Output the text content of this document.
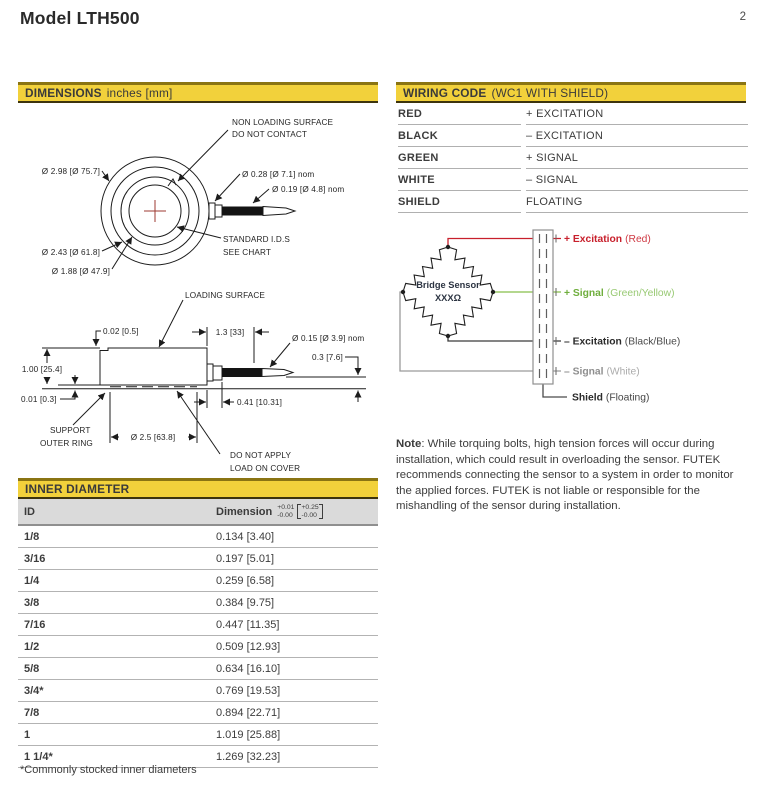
Model LTH500	2
DIMENSIONS inches [mm]
NON LOADING SURFACE
DO NOT CONTACT
Ø 2.98 [Ø 75.7]
Ø 2.43 [Ø 61.8]
Ø 1.88 [Ø 47.9]
Ø 0.28 [Ø 7.1] nom
Ø 0.19 [Ø 4.8] nom
STANDARD I.D.S
SEE CHART
LOADING SURFACE
0.02 [0.5]	1.3 [33]
Ø 0.15 [Ø 3.9] nom
0.3 [7.6]
1.00 [25.4]
0.01 [0.3]
SUPPORT
OUTER RING
Ø 2.5 [63.8]
0.41 [10.31]
DO NOT APPLY
LOAD ON COVER
WIRING CODE (WC1 WITH SHIELD)
RED	+ EXCITATION
BLACK	– EXCITATION
GREEN	+ SIGNAL
WHITE	– SIGNAL
SHIELD	FLOATING
Bridge Sensor
XXXΩ
+ Excitation (Red)
+ Signal (Green/Yellow)
– Excitation (Black/Blue)
– Signal (White)
Shield (Floating)
Note: While torquing bolts, high tension forces will occur during installation, which could result in overloading the sensor. FUTEK recommends connecting the sensor to a system in order to monitor the applied forces. FUTEK is not liable or responsible for the mishandling of the sensor during installation.
INNER DIAMETER
ID	Dimension +0.01
-0.00
+0.25
-0.00

1/8	0.134 [3.40]
3/16	0.197 [5.01]
1/4	0.259 [6.58]
3/8	0.384 [9.75]
7/16	0.447 [11.35]
1/2	0.509 [12.93]
5/8	0.634 [16.10]
3/4*	0.769 [19.53]
7/8	0.894 [22.71]
1	1.019 [25.88]
1 1/4*	1.269 [32.23]
*Commonly stocked inner diameters
